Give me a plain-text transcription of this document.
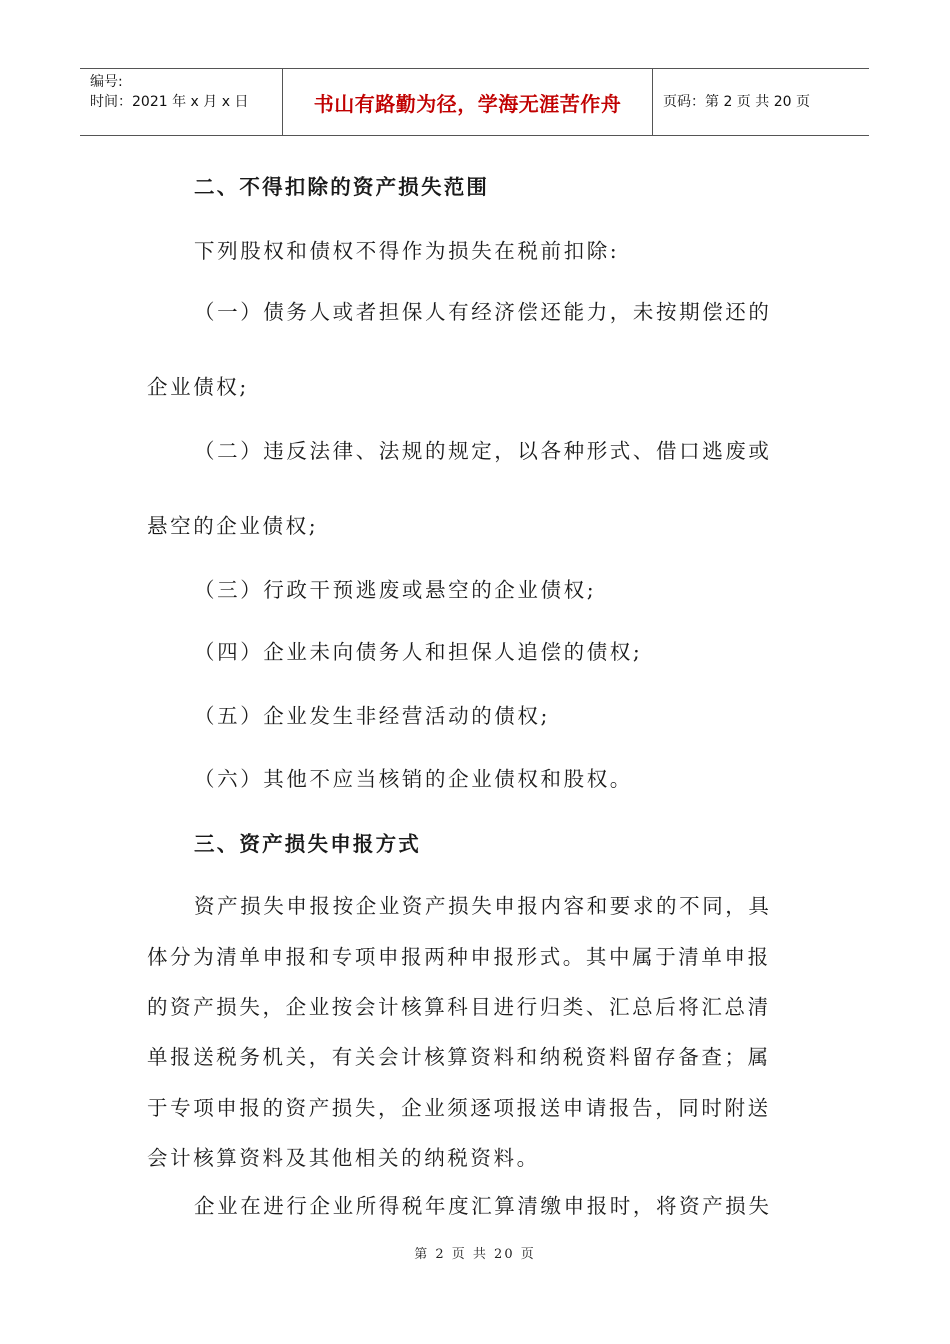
编号:
时间：2021 年 x 月 x 日	书山有路勤为径，学海无涯苦作舟	页码：第 2 页 共 20 页
二、不得扣除的资产损失范围
下列股权和债权不得作为损失在税前扣除:
（一）债务人或者担保人有经济偿还能力，未按期偿还的
企业债权;
（二）违反法律、法规的规定，以各种形式、借口逃废或
悬空的企业债权;
（三）行政干预逃废或悬空的企业债权;
（四）企业未向债务人和担保人追偿的债权;
（五）企业发生非经营活动的债权;
（六）其他不应当核销的企业债权和股权。
三、资产损失申报方式
资产损失申报按企业资产损失申报内容和要求的不同，具
体分为清单申报和专项申报两种申报形式。其中属于清单申报
的资产损失，企业按会计核算科目进行归类、汇总后将汇总清
单报送税务机关，有关会计核算资料和纳税资料留存备查；属
于专项申报的资产损失，企业须逐项报送申请报告，同时附送
会计核算资料及其他相关的纳税资料。
企业在进行企业所得税年度汇算清缴申报时，将资产损失
第 2 页 共 20 页
